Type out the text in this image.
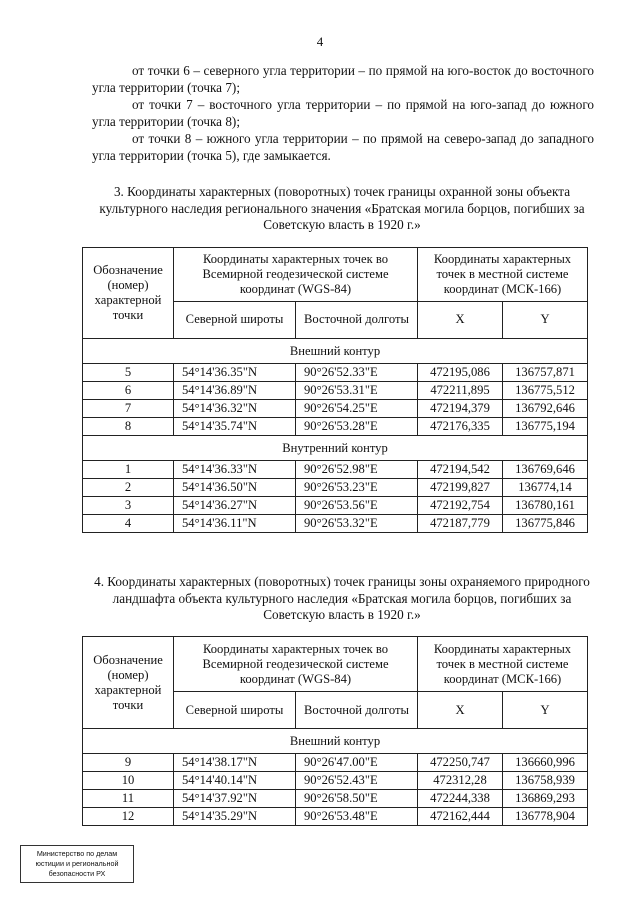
4

от точки 6 – северного угла территории – по прямой на юго-восток до восточного угла территории (точка 7);

от точки 7 – восточного угла территории – по прямой на юго-запад до южного угла территории (точка 8);

от точки 8 – южного угла территории – по прямой на северо-запад до западного угла территории (точка 5), где замыкается.

3. Координаты характерных (поворотных) точек границы охранной зоны объекта культурного наследия регионального значения «Братская могила борцов, погибших за Советскую власть в 1920 г.»
Обозначение (номер) характерной точки	Координаты характерных точек во Всемирной геодезической системе координат (WGS-84)		Координаты характерных точек в местной системе координат (МСК-166)	
	Северной широты	Восточной долготы	X	Y
Внешний контур				
5	54°14'36.35"N	90°26'52.33"E	472195,086	136757,871
6	54°14'36.89"N	90°26'53.31"E	472211,895	136775,512
7	54°14'36.32"N	90°26'54.25"E	472194,379	136792,646
8	54°14'35.74"N	90°26'53.28"E	472176,335	136775,194
Внутренний контур				
1	54°14'36.33"N	90°26'52.98"E	472194,542	136769,646
2	54°14'36.50"N	90°26'53.23"E	472199,827	136774,14
3	54°14'36.27"N	90°26'53.56"E	472192,754	136780,161
4	54°14'36.11"N	90°26'53.32"E	472187,779	136775,846
4. Координаты характерных (поворотных) точек границы зоны охраняемого природного ландшафта объекта культурного наследия «Братская могила борцов, погибших за Советскую власть в 1920 г.»
Обозначение (номер) характерной точки	Координаты характерных точек во Всемирной геодезической системе координат (WGS-84)		Координаты характерных точек в местной системе координат (МСК-166)	
	Северной широты	Восточной долготы	X	Y
Внешний контур				
9	54°14'38.17"N	90°26'47.00"E	472250,747	136660,996
10	54°14'40.14"N	90°26'52.43"E	472312,28	136758,939
11	54°14'37.92"N	90°26'58.50"E	472244,338	136869,293
12	54°14'35.29"N	90°26'53.48"E	472162,444	136778,904
Министерство по делам
юстиции и региональной
безопасности РХ
